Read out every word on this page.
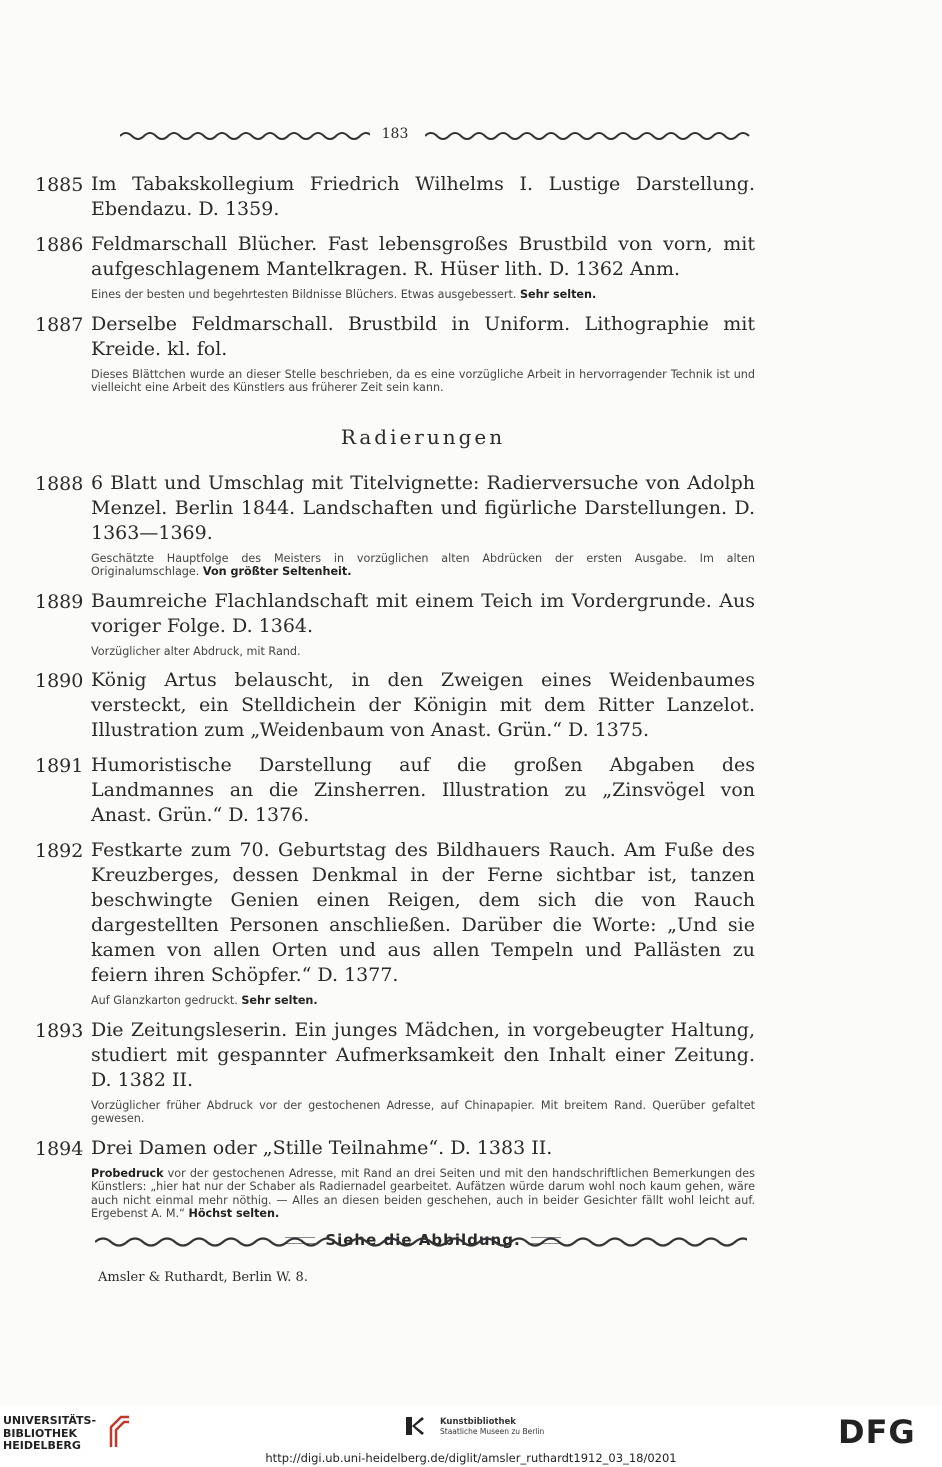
183
1885 Im Tabakskollegium Friedrich Wilhelms I. Lustige Darstellung. Ebendazu. D. 1359.
1886 Feldmarschall Blücher. Fast lebensgroßes Brustbild von vorn, mit aufgeschlagenem Mantelkragen. R. Hüser lith. D. 1362 Anm.
Eines der besten und begehrtesten Bildnisse Blüchers. Etwas ausgebessert. Sehr selten.
1887 Derselbe Feldmarschall. Brustbild in Uniform. Lithographie mit Kreide. kl. fol.
Dieses Blättchen wurde an dieser Stelle beschrieben, da es eine vorzügliche Arbeit in hervorragender Technik ist und vielleicht eine Arbeit des Künstlers aus früherer Zeit sein kann.
Radierungen
1888 6 Blatt und Umschlag mit Titelvignette: Radierversuche von Adolph Menzel. Berlin 1844. Landschaften und figürliche Darstellungen. D. 1363—1369.
Geschätzte Hauptfolge des Meisters in vorzüglichen alten Abdrücken der ersten Ausgabe. Im alten Originalumschlage. Von größter Seltenheit.
1889 Baumreiche Flachlandschaft mit einem Teich im Vordergrunde. Aus voriger Folge. D. 1364.
Vorzüglicher alter Abdruck, mit Rand.
1890 König Artus belauscht, in den Zweigen eines Weidenbaumes versteckt, ein Stelldichein der Königin mit dem Ritter Lanzelot. Illustration zum „Weidenbaum von Anast. Grün.“ D. 1375.
1891 Humoristische Darstellung auf die großen Abgaben des Landmannes an die Zinsherren. Illustration zu „Zinsvögel von Anast. Grün.“ D. 1376.
1892 Festkarte zum 70. Geburtstag des Bildhauers Rauch. Am Fuße des Kreuzberges, dessen Denkmal in der Ferne sichtbar ist, tanzen beschwingte Genien einen Reigen, dem sich die von Rauch dargestellten Personen anschließen. Darüber die Worte: „Und sie kamen von allen Orten und aus allen Tempeln und Pallästen zu feiern ihren Schöpfer.“ D. 1377.
Auf Glanzkarton gedruckt. Sehr selten.
1893 Die Zeitungsleserin. Ein junges Mädchen, in vorgebeugter Haltung, studiert mit gespannter Aufmerksamkeit den Inhalt einer Zeitung. D. 1382 II.
Vorzüglicher früher Abdruck vor der gestochenen Adresse, auf Chinapapier. Mit breitem Rand. Querüber gefaltet gewesen.
1894 Drei Damen oder „Stille Teilnahme“. D. 1383 II.
Probedruck vor der gestochenen Adresse, mit Rand an drei Seiten und mit den handschriftlichen Bemerkungen des Künstlers: „hier hat nur der Schaber als Radiernadel gearbeitet. Aufätzen würde darum wohl noch kaum gehen, wäre auch nicht einmal mehr nöthig. — Alles an diesen beiden geschehen, auch in beider Gesichter fällt wohl leicht auf. Ergebenst A. M.“ Höchst selten.
Siehe die Abbildung.
Amsler & Ruthardt, Berlin W. 8.
UNIVERSITÄTS-
BIBLIOTHEK
HEIDELBERG
Kunstbibliothek
Staatliche Museen zu Berlin	DFG
http://digi.ub.uni-heidelberg.de/diglit/amsler_ruthardt1912_03_18/0201
